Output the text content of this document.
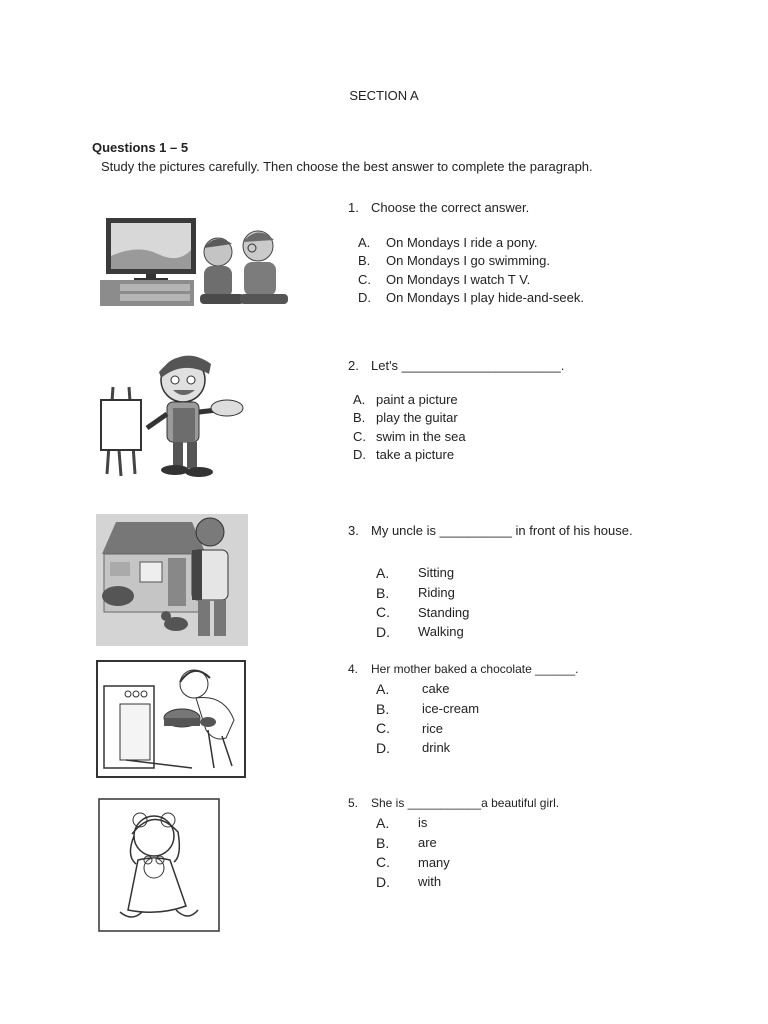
SECTION A
Questions 1 – 5
Study the pictures carefully. Then choose the best answer to complete the paragraph.
1. Choose the correct answer.
A.	On Mondays I ride a pony.
B.	On Mondays I go swimming.
C.	On Mondays I watch T V.
D.	On Mondays I play hide-and-seek.
2. Let's ______________________.
A. paint a picture
B. play the guitar
C. swim in the sea
D. take a picture
3. My uncle is __________ in front of his house.
A.	Sitting
B.	Riding
C.	Standing
D.	Walking
4.	Her mother baked a chocolate ______.
A.	cake
B.	ice-cream
C.	rice
D.	drink
5.	She is ___________a beautiful girl.
A.	is
B.	are
C.	many
D.	with
